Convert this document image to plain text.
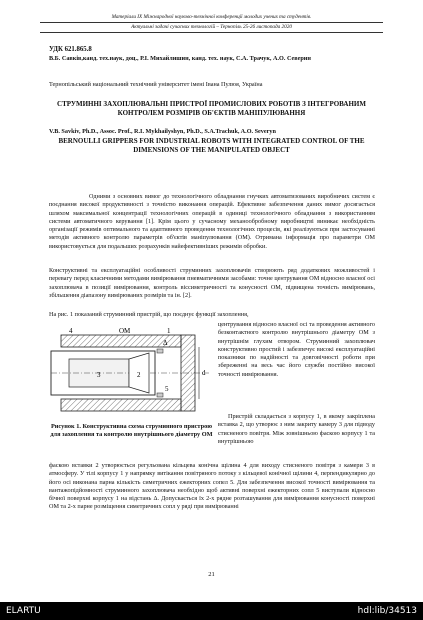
Матеріали IX Міжнародної науково-технічної конференції молодих учених та студентів.
Актуальні задачі сучасних технологій – Тернопіль 25-26 листопада 2020
УДК 621.865.8
В.Б. Савків,канд. тех.наук, доц., Р.І. Михайлишин, канд. тех. наук, С.А. Трачук, А.О. Северин
Тернопільський національний технічний університет імені Івана Пулюя, Україна
СТРУМИННІ ЗАХОПЛЮВАЛЬНІ ПРИСТРОЇ ПРОМИСЛОВИХ РОБОТІВ З ІНТЕГРОВАНИМ КОНТРОЛЕМ РОЗМІРІВ ОБ'ЄКТІВ МАНІПУЛЮВАННЯ
V.B. Savkiv, Ph.D., Assoc. Prof., R.I. Mykhailyshyn, Ph.D., S.A.Trachuk, A.O. Severyn
BERNOULLI GRIPPERS FOR INDUSTRIAL ROBOTS WITH INTEGRATED CONTROL OF THE DIMENSIONS OF THE MANIPULATED OBJECT

Одними з основних вимог до технологічного обладнання гнучких автоматизованих виробничих систем є поєднання високої продуктивності з точністю виконання операцій. Ефективне забезпечення даних вимог досягається шляхом максимальної концентрації технологічних операцій в одиниці технологічного обладнання з використанням системи автоматичного керування [1]. Крім цього у сучасному механообробному виробництві виникає необхідність організації режимів оптимального та адаптивного проведення технологічних процесів, які реалізуються при застосуванні методів активного контролю параметрів об'єктів маніпулювання (ОМ). Отримана інформація про параметри ОМ використовується для подальших розрахунків найефективніших режимів обробки.

Конструктивні та експлуатаційні особливості струминних захоплювачів створюють ряд додаткових можливостей і перевагу перед класичними методами вимірювання пневматичними засобами: точне центрування ОМ відносно власної осі захоплювача в позиції вимірювання, контроль віссиметричності та конусності ОМ, підвищена точність вимірювань, збільшення діапазону вимірюваних розмірів та ін. [2].

На рис. 1 показаний струминний пристрій, що поєднує функції захоплення,

центрування відносно власної осі та проведення активного безконтактного контролю внутрішнього діаметру ОМ з внутрішнім глухим отвором. Струминний захоплювач конструктивно простий і забезпечує високі експлуатаційні показники по надійності та довговічності роботи при збереженні на весь час його служби постійно високої точності вимірювання.

Пристрій складається з корпусу 1, в якому закріплена вставка 2, що утворює з ним закриту камеру 3 для підводу стисненого повітря. Між зовнішньою фаскою корпусу 1 та внутрішньою

фаскою вставки 2 утворюється регульована кільцева конічна щілина 4 для виходу стисненого повітря з камери 3 в атмосферу. У тілі корпусу 1 у напрямку витікання повітряного потоку з кільцевої конічної щілини 4, перпендикулярно до його осі виконана парна кількість симетричних ежекторних сопел 5. Для забезпечення високої точності вимірювання та вантажопідйомності струминного захоплювача необхідно щоб активні поверхні ежекторних сопл 5 виступали відносно бічної поверхні корпусу 1 на відстань Δ. Допускається їх 2-х рядне розташування для вимірювання конусності поверхні ОМ та 2-х парне розміщення симетричних сопл у ряді при вимірюванні

4	ОМ	1
3	2
Δ
5
d
Рисунок 1. Конструктивна схема струминного пристрою для захоплення та контролю внутрішнього діаметру ОМ
21
ELARTU	hdl:lib/34513
